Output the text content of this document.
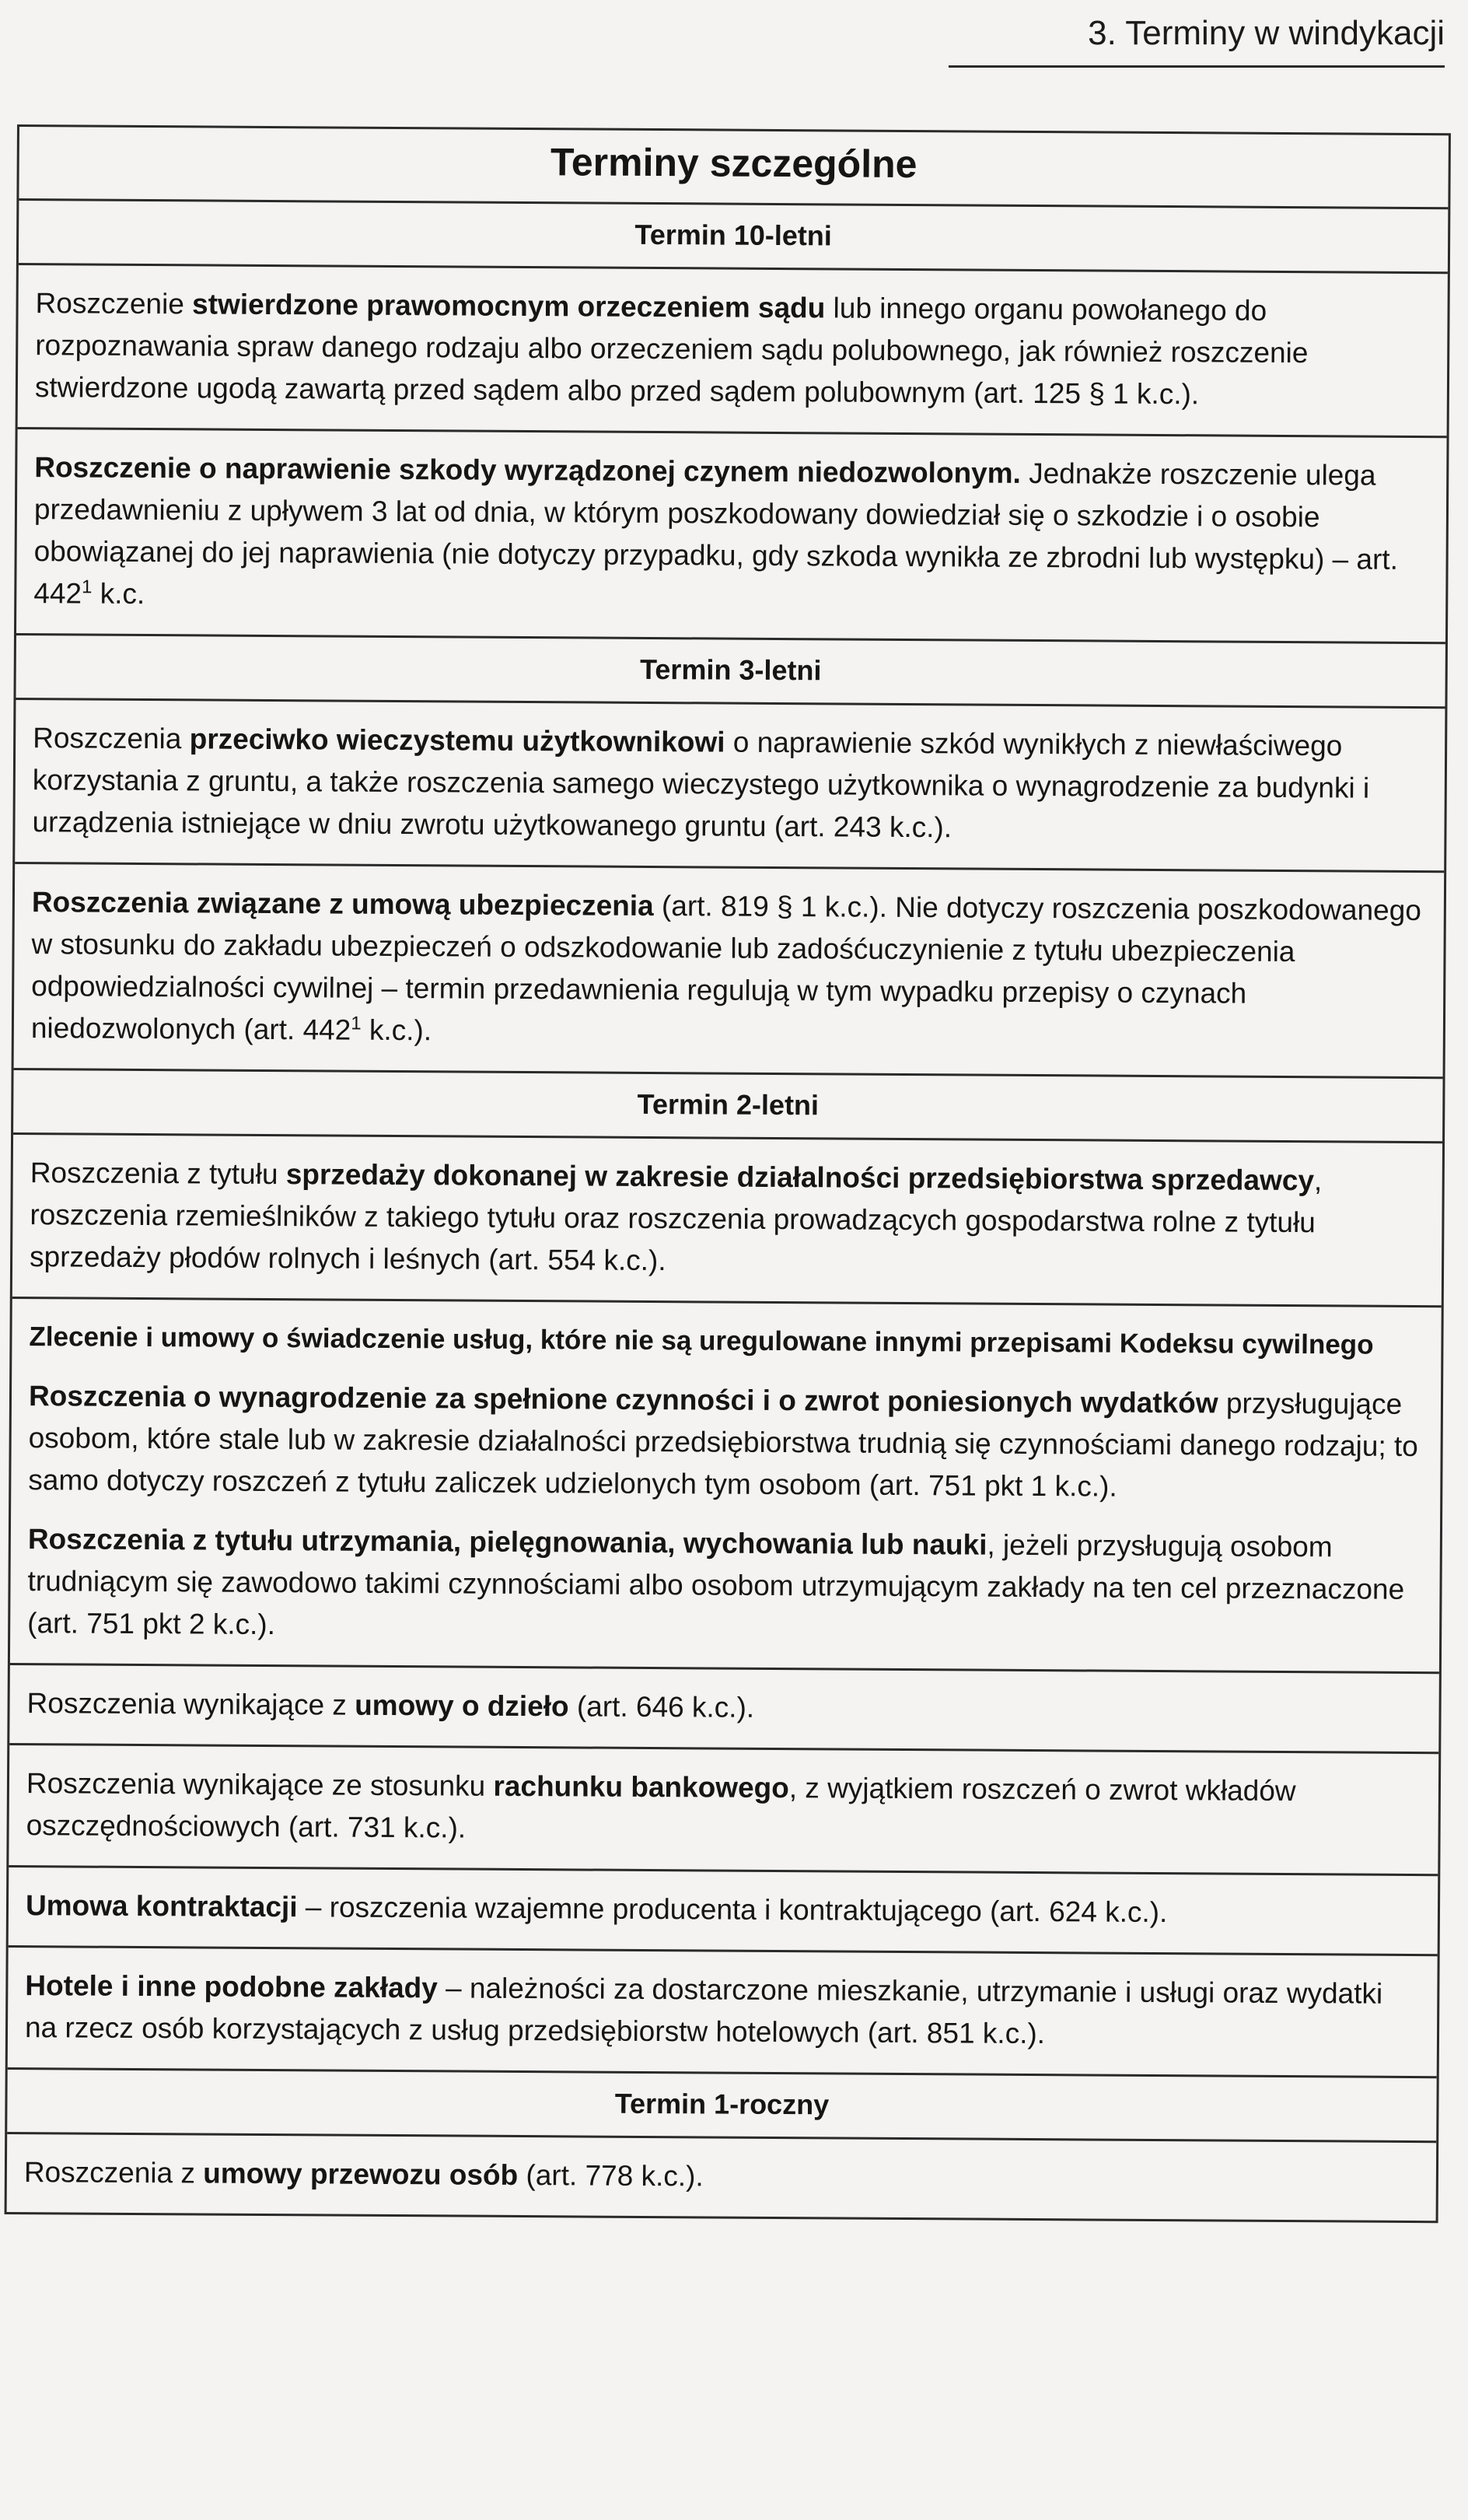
3. Terminy w windykacji
Terminy szczególne
Termin 10-letni
Roszczenie stwierdzone prawomocnym orzeczeniem sądu lub innego organu powołanego do rozpoznawania spraw danego rodzaju albo orzeczeniem sądu polubownego, jak również roszczenie stwierdzone ugodą zawartą przed sądem albo przed sądem polubownym (art. 125 § 1 k.c.).
Roszczenie o naprawienie szkody wyrządzonej czynem niedozwolonym. Jednakże roszczenie ulega przedawnieniu z upływem 3 lat od dnia, w którym poszkodowany dowiedział się o szkodzie i o osobie obowiązanej do jej naprawienia (nie dotyczy przypadku, gdy szkoda wynikła ze zbrodni lub występku) – art. $442^1$ k.c.
Termin 3-letni
Roszczenia przeciwko wieczystemu użytkownikowi o naprawienie szkód wynikłych z niewłaściwego korzystania z gruntu, a także roszczenia samego wieczystego użytkownika o wynagrodzenie za budynki i urządzenia istniejące w dniu zwrotu użytkowanego gruntu (art. 243 k.c.).
Roszczenia związane z umową ubezpieczenia (art. 819 § 1 k.c.). Nie dotyczy roszczenia poszkodowanego w stosunku do zakładu ubezpieczeń o odszkodowanie lub zadośćuczynienie z tytułu ubezpieczenia odpowiedzialności cywilnej – termin przedawnienia regulują w tym wypadku przepisy o czynach niedozwolonych (art. $442^1$ k.c.).
Termin 2-letni
Roszczenia z tytułu sprzedaży dokonanej w zakresie działalności przedsiębiorstwa sprzedawcy, roszczenia rzemieślników z takiego tytułu oraz roszczenia prowadzących gospodarstwa rolne z tytułu sprzedaży płodów rolnych i leśnych (art. 554 k.c.).
Zlecenie i umowy o świadczenie usług, które nie są uregulowane innymi przepisami Kodeksu cywilnego
Roszczenia o wynagrodzenie za spełnione czynności i o zwrot poniesionych wydatków przysługujące osobom, które stale lub w zakresie działalności przedsiębiorstwa trudnią się czynnościami danego rodzaju; to samo dotyczy roszczeń z tytułu zaliczek udzielonych tym osobom (art. 751 pkt 1 k.c.).
Roszczenia z tytułu utrzymania, pielęgnowania, wychowania lub nauki, jeżeli przysługują osobom trudniącym się zawodowo takimi czynnościami albo osobom utrzymującym zakłady na ten cel przeznaczone (art. 751 pkt 2 k.c.).
Roszczenia wynikające z umowy o dzieło (art. 646 k.c.).
Roszczenia wynikające ze stosunku rachunku bankowego, z wyjątkiem roszczeń o zwrot wkładów oszczędnościowych (art. 731 k.c.).
Umowa kontraktacji – roszczenia wzajemne producenta i kontraktującego (art. 624 k.c.).
Hotele i inne podobne zakłady – należności za dostarczone mieszkanie, utrzymanie i usługi oraz wydatki na rzecz osób korzystających z usług przedsiębiorstw hotelowych (art. 851 k.c.).
Termin 1-roczny
Roszczenia z umowy przewozu osób (art. 778 k.c.).
